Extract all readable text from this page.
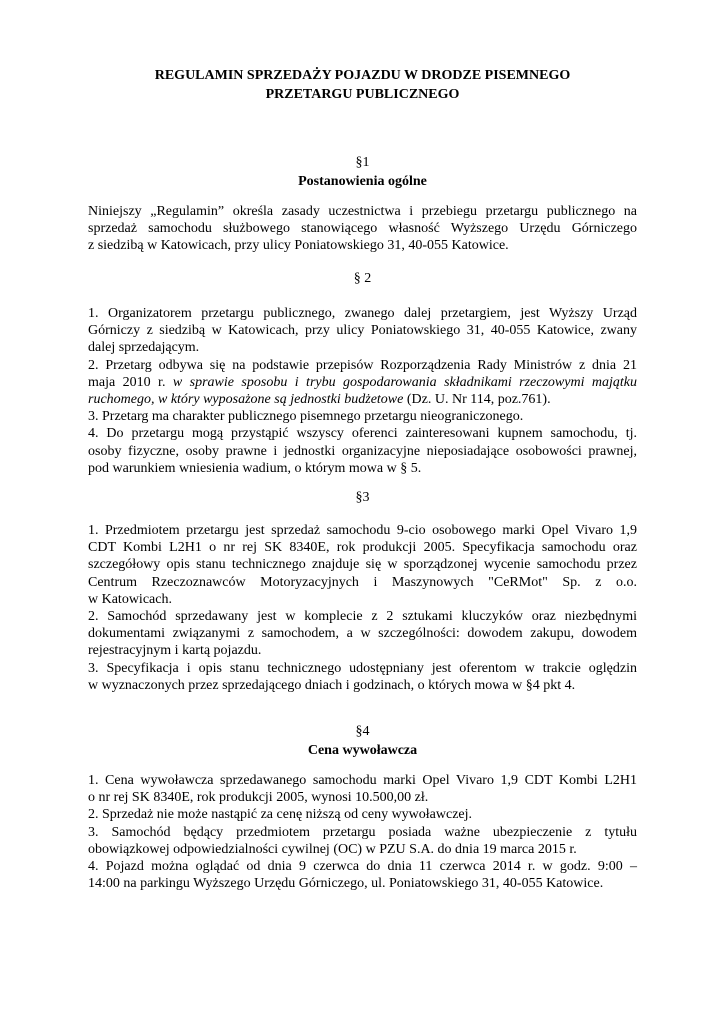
REGULAMIN SPRZEDAŻY POJAZDU W DRODZE PISEMNEGO
PRZETARGU PUBLICZNEGO
§1
Postanowienia ogólne
Niniejszy „Regulamin” określa zasady uczestnictwa i przebiegu przetargu publicznego na
sprzedaż samochodu służbowego stanowiącego własność Wyższego Urzędu Górniczego
z siedzibą w Katowicach, przy ulicy Poniatowskiego 31, 40-055 Katowice.
§ 2
1. Organizatorem przetargu publicznego, zwanego dalej przetargiem, jest Wyższy Urząd
Górniczy z siedzibą w Katowicach, przy ulicy Poniatowskiego 31, 40-055 Katowice, zwany
dalej sprzedającym.
2. Przetarg odbywa się na podstawie przepisów Rozporządzenia Rady Ministrów z dnia 21
maja 2010 r. w sprawie sposobu i trybu gospodarowania składnikami rzeczowymi majątku
ruchomego, w który wyposażone są jednostki budżetowe (Dz. U. Nr 114, poz.761).
3. Przetarg ma charakter publicznego pisemnego przetargu nieograniczonego.
4. Do przetargu mogą przystąpić wszyscy oferenci zainteresowani kupnem samochodu, tj.
osoby fizyczne, osoby prawne i jednostki organizacyjne nieposiadające osobowości prawnej,
pod warunkiem wniesienia wadium, o którym mowa w § 5.
§3
1. Przedmiotem przetargu jest sprzedaż samochodu 9-cio osobowego marki Opel Vivaro 1,9
CDT Kombi L2H1 o nr rej SK 8340E, rok produkcji 2005. Specyfikacja samochodu oraz
szczegółowy opis stanu technicznego znajduje się w sporządzonej wycenie samochodu przez
Centrum Rzeczoznawców Motoryzacyjnych i Maszynowych "CeRMot" Sp. z o.o.
w Katowicach.
2. Samochód sprzedawany jest w komplecie z 2 sztukami kluczyków oraz niezbędnymi
dokumentami związanymi z samochodem, a w szczególności: dowodem zakupu, dowodem
rejestracyjnym i kartą pojazdu.
3. Specyfikacja i opis stanu technicznego udostępniany jest oferentom w trakcie oględzin
w wyznaczonych przez sprzedającego dniach i godzinach, o których mowa w §4 pkt 4.
§4
Cena wywoławcza
1. Cena wywoławcza sprzedawanego samochodu marki Opel Vivaro 1,9 CDT Kombi L2H1
o nr rej SK 8340E, rok produkcji 2005, wynosi 10.500,00 zł.
2. Sprzedaż nie może nastąpić za cenę niższą od ceny wywoławczej.
3. Samochód będący przedmiotem przetargu posiada ważne ubezpieczenie z tytułu
obowiązkowej odpowiedzialności cywilnej (OC) w PZU S.A. do dnia 19 marca 2015 r.
4. Pojazd można oglądać od dnia 9 czerwca do dnia 11 czerwca 2014 r. w godz. 9:00 –
14:00 na parkingu Wyższego Urzędu Górniczego, ul. Poniatowskiego 31, 40-055 Katowice.
